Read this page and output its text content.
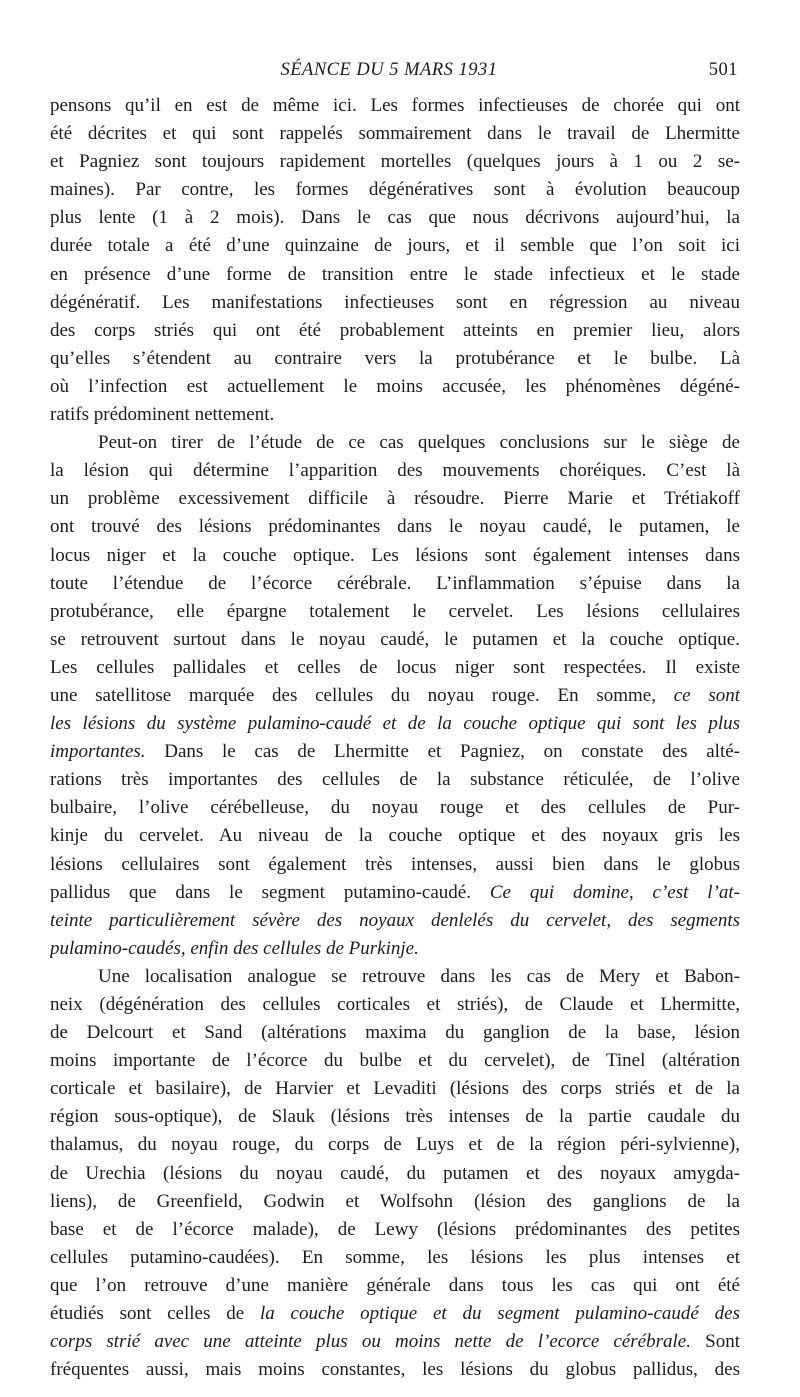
SÉANCE DU 5 MARS 1931	501
pensons qu’il en est de même ici. Les formes infectieuses de chorée qui ont
été décrites et qui sont rappelés sommairement dans le travail de Lhermitte
et Pagniez sont toujours rapidement mortelles (quelques jours à 1 ou 2 se-
maines). Par contre, les formes dégénératives sont à évolution beaucoup
plus lente (1 à 2 mois). Dans le cas que nous décrivons aujourd’hui, la
durée totale a été d’une quinzaine de jours, et il semble que l’on soit ici
en présence d’une forme de transition entre le stade infectieux et le stade
dégénératif. Les manifestations infectieuses sont en régression au niveau
des corps striés qui ont été probablement atteints en premier lieu, alors
qu’elles s’étendent au contraire vers la protubérance et le bulbe. Là
où l’infection est actuellement le moins accusée, les phénomènes dégéné-
ratifs prédominent nettement.
Peut-on tirer de l’étude de ce cas quelques conclusions sur le siège de
la lésion qui détermine l’apparition des mouvements choréiques. C’est là
un problème excessivement difficile à résoudre. Pierre Marie et Trétiakoff
ont trouvé des lésions prédominantes dans le noyau caudé, le putamen, le
locus niger et la couche optique. Les lésions sont également intenses dans
toute l’étendue de l’écorce cérébrale. L’inflammation s’épuise dans la
protubérance, elle épargne totalement le cervelet. Les lésions cellulaires
se retrouvent surtout dans le noyau caudé, le putamen et la couche optique.
Les cellules pallidales et celles de locus niger sont respectées. Il existe
une satellitose marquée des cellules du noyau rouge. En somme, ce sont
les lésions du système pulamino-caudé et de la couche optique qui sont les plus
importantes. Dans le cas de Lhermitte et Pagniez, on constate des alté-
rations très importantes des cellules de la substance réticulée, de l’olive
bulbaire, l’olive cérébelleuse, du noyau rouge et des cellules de Pur-
kinje du cervelet. Au niveau de la couche optique et des noyaux gris les
lésions cellulaires sont également très intenses, aussi bien dans le globus
pallidus que dans le segment putamino-caudé. Ce qui domine, c’est l’at-
teinte particulièrement sévère des noyaux denlelés du cervelet, des segments
pulamino-caudés, enfin des cellules de Purkinje.
Une localisation analogue se retrouve dans les cas de Mery et Babon-
neix (dégénération des cellules corticales et striés), de Claude et Lhermitte,
de Delcourt et Sand (altérations maxima du ganglion de la base, lésion
moins importante de l’écorce du bulbe et du cervelet), de Tinel (altération
corticale et basilaire), de Harvier et Levaditi (lésions des corps striés et de la
région sous-optique), de Slauk (lésions très intenses de la partie caudale du
thalamus, du noyau rouge, du corps de Luys et de la région péri-sylvienne),
de Urechia (lésions du noyau caudé, du putamen et des noyaux amygda-
liens), de Greenfield, Godwin et Wolfsohn (lésion des ganglions de la
base et de l’écorce malade), de Lewy (lésions prédominantes des petites
cellules putamino-caudées). En somme, les lésions les plus intenses et
que l’on retrouve d’une manière générale dans tous les cas qui ont été
étudiés sont celles de la couche optique et du segment pulamino-caudé des
corps strié avec une atteinte plus ou moins nette de l’ecorce cérébrale. Sont
fréquentes aussi, mais moins constantes, les lésions du globus pallidus, des
